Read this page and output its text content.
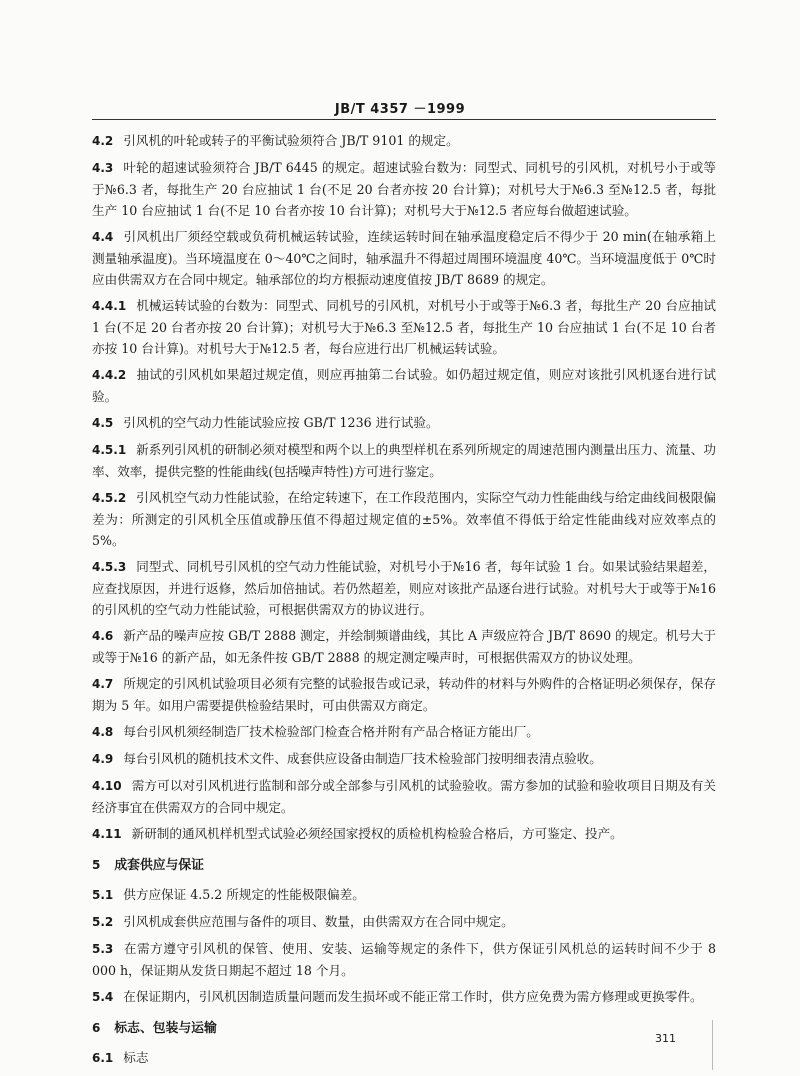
JB/T 4357 －1999

4.2 引风机的叶轮或转子的平衡试验须符合 JB/T 9101 的规定。

4.3 叶轮的超速试验须符合 JB/T 6445 的规定。超速试验台数为：同型式、同机号的引风机，对机号小于或等于№6.3 者，每批生产 20 台应抽试 1 台(不足 20 台者亦按 20 台计算)；对机号大于№6.3 至№12.5 者，每批生产 10 台应抽试 1 台(不足 10 台者亦按 10 台计算)；对机号大于№12.5 者应每台做超速试验。

4.4 引风机出厂须经空载或负荷机械运转试验，连续运转时间在轴承温度稳定后不得少于 20 min(在轴承箱上测量轴承温度)。当环境温度在 0～40℃之间时，轴承温升不得超过周围环境温度 40℃。当环境温度低于 0℃时应由供需双方在合同中规定。轴承部位的均方根振动速度值按 JB/T 8689 的规定。

4.4.1 机械运转试验的台数为：同型式、同机号的引风机，对机号小于或等于№6.3 者，每批生产 20 台应抽试 1 台(不足 20 台者亦按 20 台计算)；对机号大于№6.3 至№12.5 者，每批生产 10 台应抽试 1 台(不足 10 台者亦按 10 台计算)。对机号大于№12.5 者，每台应进行出厂机械运转试验。

4.4.2 抽试的引风机如果超过规定值，则应再抽第二台试验。如仍超过规定值，则应对该批引风机逐台进行试验。

4.5 引风机的空气动力性能试验应按 GB/T 1236 进行试验。

4.5.1 新系列引风机的研制必须对模型和两个以上的典型样机在系列所规定的周速范围内测量出压力、流量、功率、效率，提供完整的性能曲线(包括噪声特性)方可进行鉴定。

4.5.2 引风机空气动力性能试验，在给定转速下，在工作段范围内，实际空气动力性能曲线与给定曲线间极限偏差为：所测定的引风机全压值或静压值不得超过规定值的±5%。效率值不得低于给定性能曲线对应效率点的 5%。

4.5.3 同型式、同机号引风机的空气动力性能试验，对机号小于№16 者，每年试验 1 台。如果试验结果超差，应查找原因，并进行返修，然后加倍抽试。若仍然超差，则应对该批产品逐台进行试验。对机号大于或等于№16 的引风机的空气动力性能试验，可根据供需双方的协议进行。

4.6 新产品的噪声应按 GB/T 2888 测定，并绘制频谱曲线，其比 A 声级应符合 JB/T 8690 的规定。机号大于或等于№16 的新产品，如无条件按 GB/T 2888 的规定测定噪声时，可根据供需双方的协议处理。

4.7 所规定的引风机试验项目必须有完整的试验报告或记录，转动件的材料与外购件的合格证明必须保存，保存期为 5 年。如用户需要提供检验结果时，可由供需双方商定。

4.8 每台引风机须经制造厂技术检验部门检查合格并附有产品合格证方能出厂。

4.9 每台引风机的随机技术文件、成套供应设备由制造厂技术检验部门按明细表清点验收。

4.10 需方可以对引风机进行监制和部分或全部参与引风机的试验验收。需方参加的试验和验收项目日期及有关经济事宜在供需双方的合同中规定。

4.11 新研制的通风机样机型式试验必须经国家授权的质检机构检验合格后，方可鉴定、投产。

5 成套供应与保证

5.1 供方应保证 4.5.2 所规定的性能极限偏差。

5.2 引风机成套供应范围与备件的项目、数量，由供需双方在合同中规定。

5.3 在需方遵守引风机的保管、使用、安装、运输等规定的条件下，供方保证引风机总的运转时间不少于 8 000 h，保证期从发货日期起不超过 18 个月。

5.4 在保证期内，引风机因制造质量问题而发生损坏或不能正常工作时，供方应免费为需方修理或更换零件。

6 标志、包装与运输

6.1 标志

311
